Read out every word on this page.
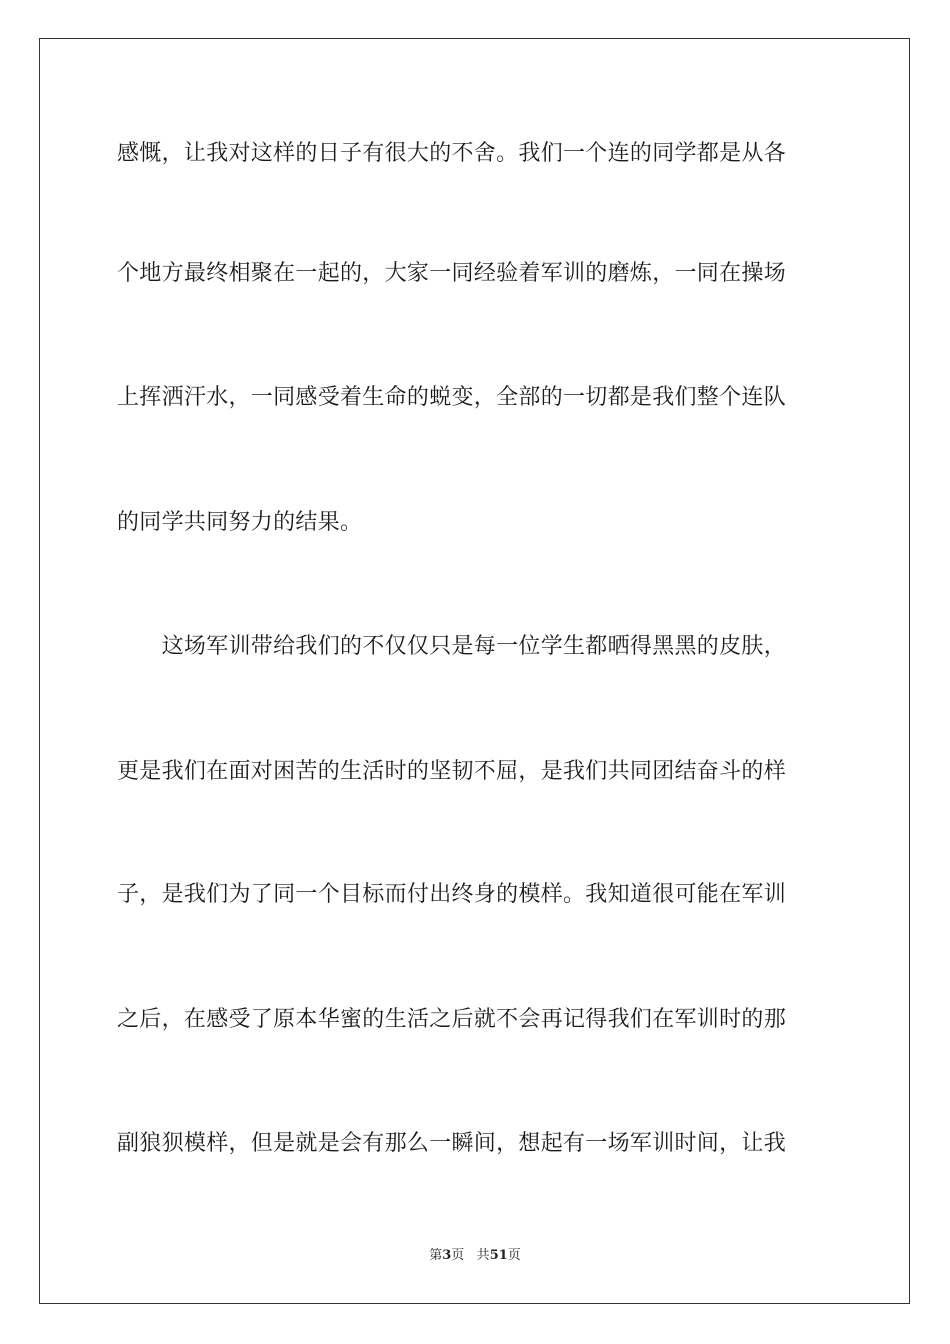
感慨，让我对这样的日子有很大的不舍。我们一个连的同学都是从各
个地方最终相聚在一起的，大家一同经验着军训的磨炼，一同在操场
上挥洒汗水，一同感受着生命的蜕变，全部的一切都是我们整个连队
的同学共同努力的结果。
　　这场军训带给我们的不仅仅只是每一位学生都晒得黑黑的皮肤，
更是我们在面对困苦的生活时的坚韧不屈，是我们共同团结奋斗的样
子，是我们为了同一个目标而付出终身的模样。我知道很可能在军训
之后，在感受了原本华蜜的生活之后就不会再记得我们在军训时的那
副狼狈模样，但是就是会有那么一瞬间，想起有一场军训时间，让我
第3页 共51页
